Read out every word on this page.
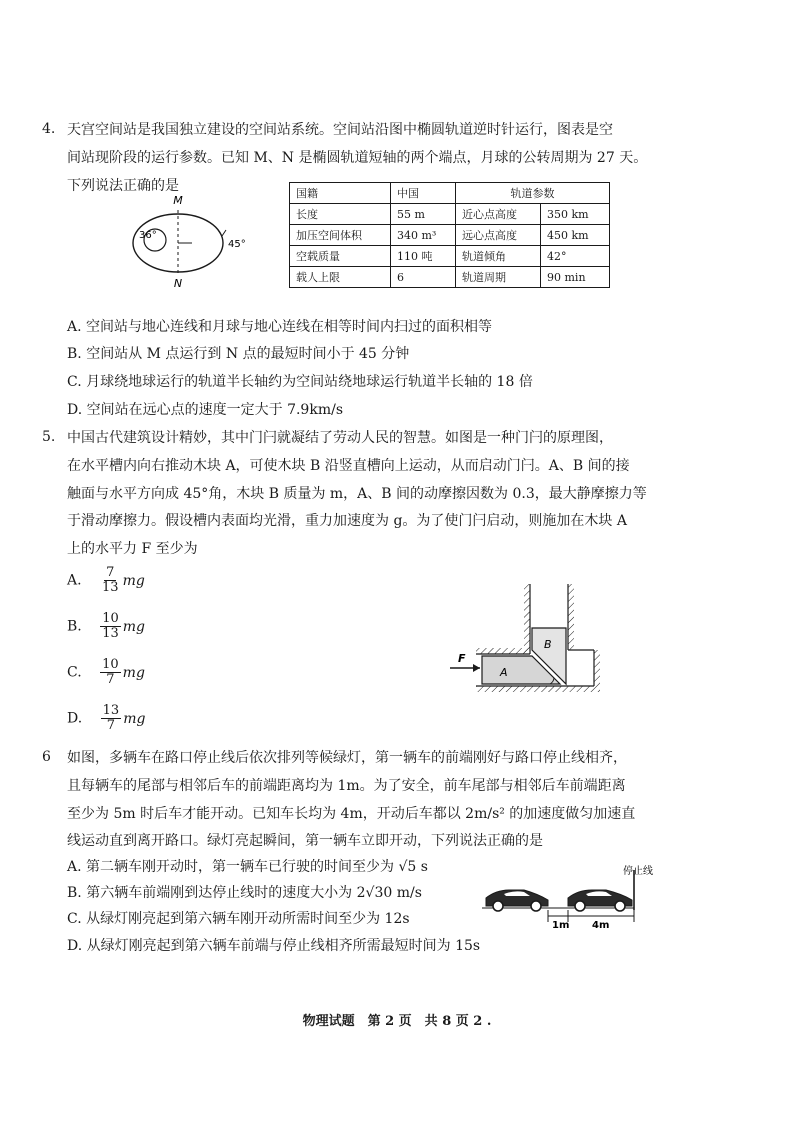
4. 天宫空间站是我国独立建设的空间站系统。空间站沿图中椭圆轨道逆时针运行，图表是空
间站现阶段的运行参数。已知 M、N 是椭圆轨道短轴的两个端点，月球的公转周期为 27 天。
下列说法正确的是
M
N
36°
45°
国籍	中国	轨道参数	
长度	55 m	近心点高度	350 km
加压空间体积	340 m³	远心点高度	450 km
空载质量	110 吨	轨道倾角	42°
载人上限	6	轨道周期	90 min
A. 空间站与地心连线和月球与地心连线在相等时间内扫过的面积相等
B. 空间站从 M 点运行到 N 点的最短时间小于 45 分钟
C. 月球绕地球运行的轨道半长轴约为空间站绕地球运行轨道半长轴的 18 倍
D. 空间站在远心点的速度一定大于 7.9km/s
5. 中国古代建筑设计精妙，其中门闩就凝结了劳动人民的智慧。如图是一种门闩的原理图，
在水平槽内向右推动木块 A，可使木块 B 沿竖直槽向上运动，从而启动门闩。A、B 间的接
触面与水平方向成 45°角，木块 B 质量为 m，A、B 间的动摩擦因数为 0.3，最大静摩擦力等
于滑动摩擦力。假设槽内表面均光滑，重力加速度为 g。为了使门闩启动，则施加在木块 A
上的水平力 F 至少为
A. $\frac{7}{13}$ mg
B. $\frac{10}{13}$ mg
C. $\frac{10}{7}$ mg
D. $\frac{13}{7}$ mg
F
A
B
6 如图，多辆车在路口停止线后依次排列等候绿灯，第一辆车的前端刚好与路口停止线相齐，
且每辆车的尾部与相邻后车的前端距离均为 1m。为了安全，前车尾部与相邻后车前端距离
至少为 5m 时后车才能开动。已知车长均为 4m，开动后车都以 2m/s² 的加速度做匀加速直
线运动直到离开路口。绿灯亮起瞬间，第一辆车立即开动，下列说法正确的是
A. 第二辆车刚开动时，第一辆车已行驶的时间至少为 √5 s
B. 第六辆车前端刚到达停止线时的速度大小为 2√30 m/s
C. 从绿灯刚亮起到第六辆车刚开动所需时间至少为 12s
D. 从绿灯刚亮起到第六辆车前端与停止线相齐所需最短时间为 15s
停止线
1m 4m
物理试题　第 2 页　共 8 页 2 .
